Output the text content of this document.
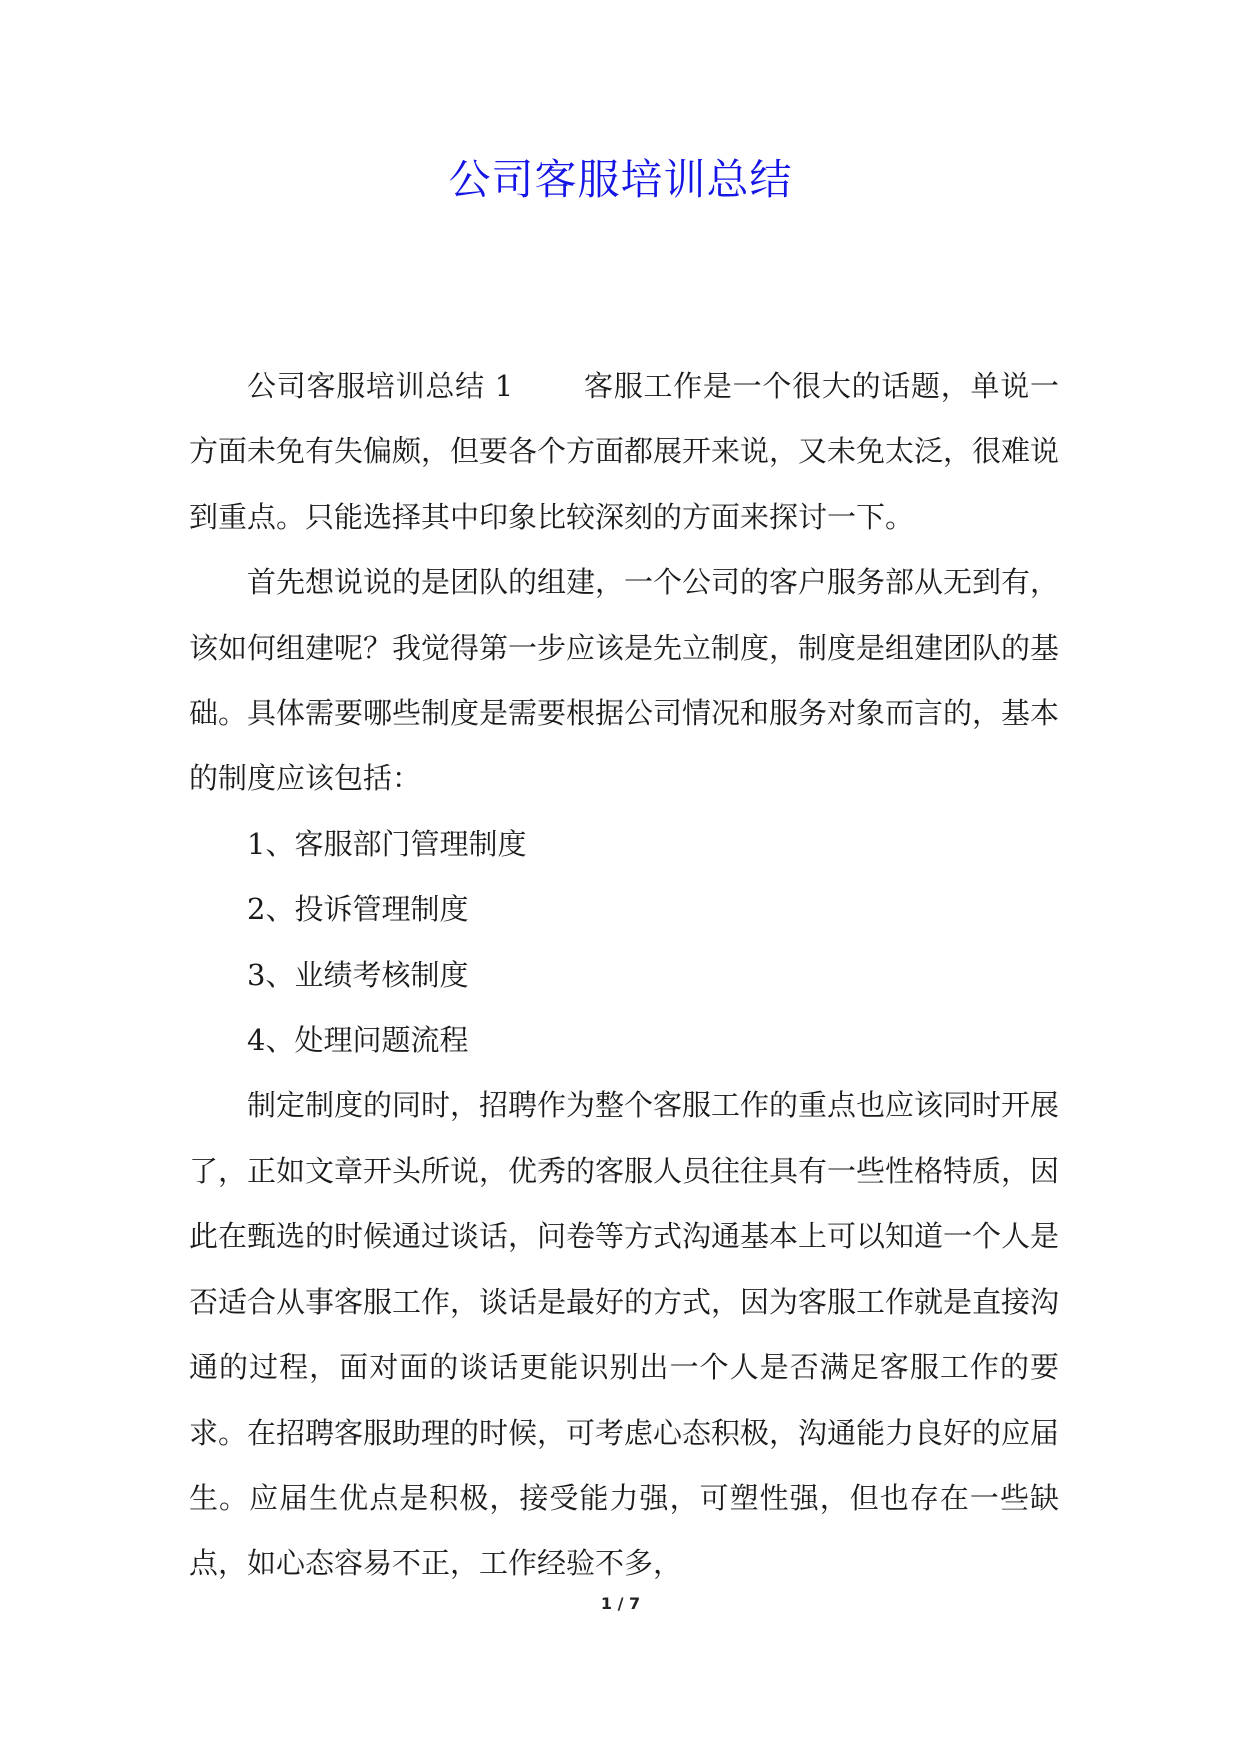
公司客服培训总结

公司客服培训总结 1 客服工作是一个很大的话题，单说一方面未免有失偏颇，但要各个方面都展开来说，又未免太泛，很难说到重点。只能选择其中印象比较深刻的方面来探讨一下。

首先想说说的是团队的组建，一个公司的客户服务部从无到有，该如何组建呢？我觉得第一步应该是先立制度，制度是组建团队的基础。具体需要哪些制度是需要根据公司情况和服务对象而言的，基本的制度应该包括：

1、客服部门管理制度

2、投诉管理制度

3、业绩考核制度

4、处理问题流程

制定制度的同时，招聘作为整个客服工作的重点也应该同时开展了，正如文章开头所说，优秀的客服人员往往具有一些性格特质，因此在甄选的时候通过谈话，问卷等方式沟通基本上可以知道一个人是否适合从事客服工作，谈话是最好的方式，因为客服工作就是直接沟通的过程，面对面的谈话更能识别出一个人是否满足客服工作的要求。在招聘客服助理的时候，可考虑心态积极，沟通能力良好的应届生。应届生优点是积极，接受能力强，可塑性强，但也存在一些缺点，如心态容易不正，工作经验不多，

1 / 7
